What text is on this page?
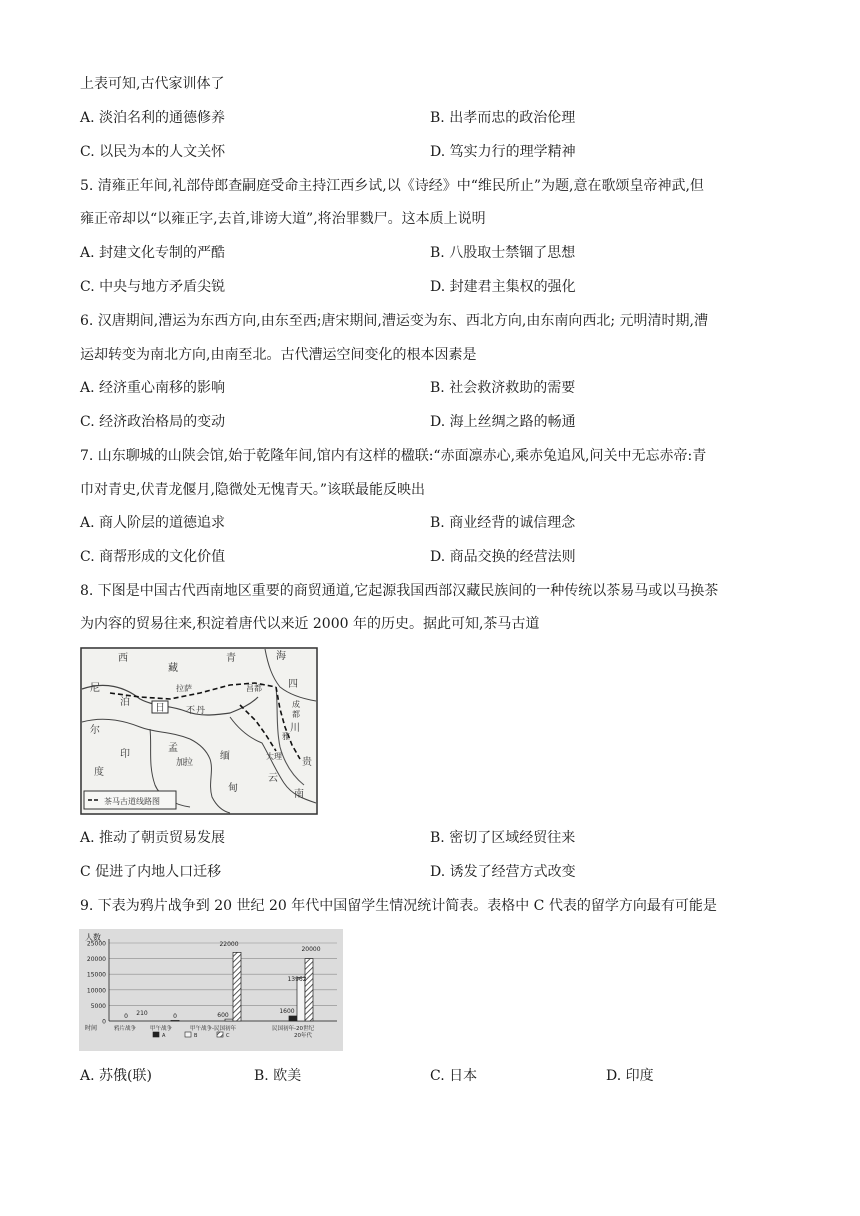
上表可知,古代家训体了
A. 淡泊名利的通德修养	B. 出孝而忠的政治伦理
C. 以民为本的人文关怀	D. 笃实力行的理学精神
5. 清雍正年间,礼部侍郎查嗣庭受命主持江西乡试,以《诗经》中“维民所止”为题,意在歌颂皇帝神武,但
雍正帝却以“以雍正字,去首,诽谤大道”,将治罪戮尸。这本质上说明
A. 封建文化专制的严酷	B. 八股取士禁锢了思想
C. 中央与地方矛盾尖锐	D. 封建君主集权的强化
6. 汉唐期间,漕运为东西方向,由东至西;唐宋期间,漕运变为东、西北方向,由东南向西北; 元明清时期,漕
运却转变为南北方向,由南至北。古代漕运空间变化的根本因素是
A. 经济重心南移的影响	B. 社会救济救助的需要
C. 经济政治格局的变动	D. 海上丝绸之路的畅通
7. 山东聊城的山陕会馆,始于乾隆年间,馆内有这样的楹联:“赤面凛赤心,乘赤兔追风,问关中无忘赤帝:青
巾对青史,伏青龙偃月,隐微处无愧青天。”该联最能反映出
A. 商人阶层的道德追求	B. 商业经背的诚信理念
C. 商帮形成的文化价值	D. 商品交换的经营法则
8. 下图是中国古代西南地区重要的商贸通道,它起源我国西部汉藏民族间的一种传统以茶易马或以马换茶
为内容的贸易往来,积淀着唐代以来近 2000 年的历史。据此可知,茶马古道
西
藏
青	海
四
拉萨
日
川
尼
泊
尔
度
不 丹
孟
加
拉
缅
甸
云
南
贵
大理
印
昌都
成
都
雅
茶马古道线路图
A. 推动了朝贡贸易发展	B. 密切了区域经贸往来
C 促进了内地人口迁移	D. 诱发了经营方式改变
9. 下表为鸦片战争到 20 世纪 20 年代中国留学生情况统计简表。表格中 C 代表的留学方向最有可能是
人数
25000
20000
15000
10000
5000
0
0 210	0	600
22000
1600
13962
20000
时间	鸦片战争	甲午战争	甲午战争-民国初年	民国初年-20世纪
20年代
A	B	C
A. 苏俄(联)	B. 欧美	C. 日本	D. 印度
